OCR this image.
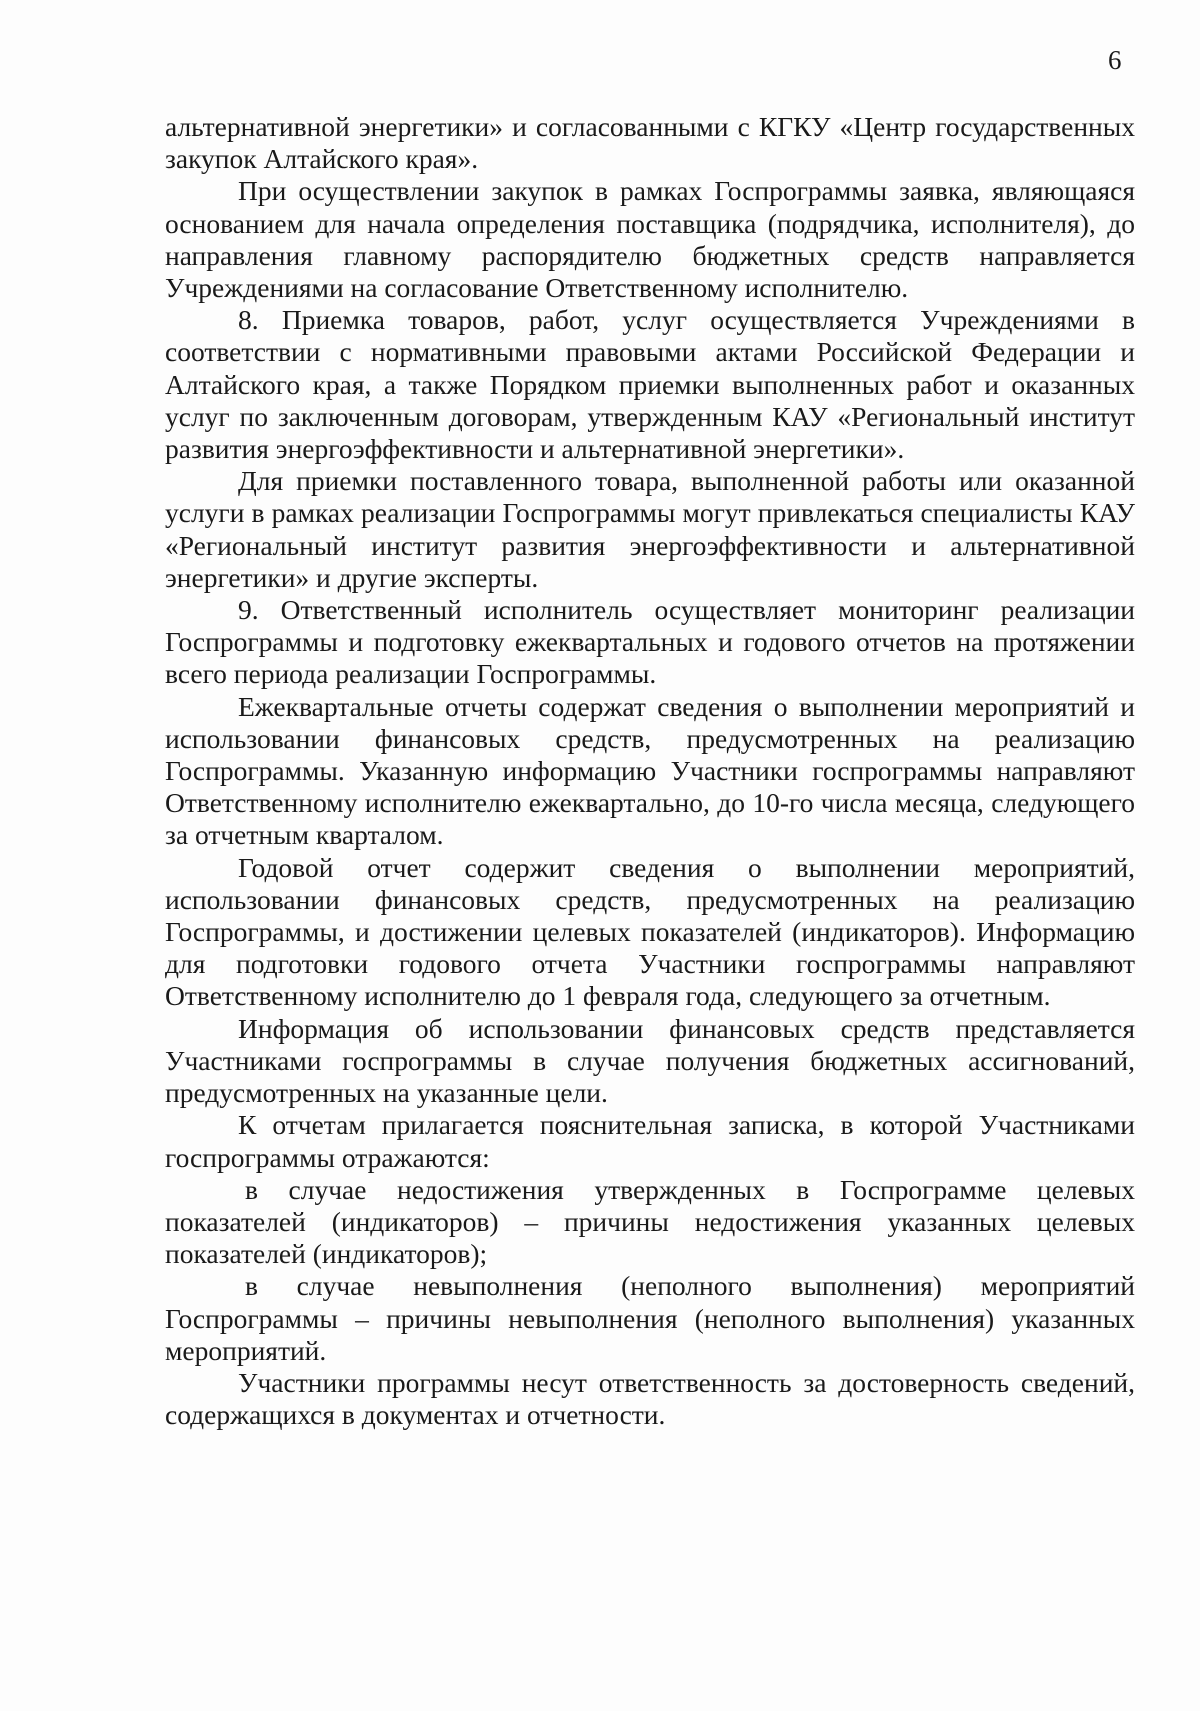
6

альтернативной энергетики» и согласованными с КГКУ «Центр государственных закупок Алтайского края».

При осуществлении закупок в рамках Госпрограммы заявка, являющаяся основанием для начала определения поставщика (подрядчика, исполнителя), до направления главному распорядителю бюджетных средств направляется Учреждениями на согласование Ответственному исполнителю.

8. Приемка товаров, работ, услуг осуществляется Учреждениями в соответствии с нормативными правовыми актами Российской Федерации и Алтайского края, а также Порядком приемки выполненных работ и оказанных услуг по заключенным договорам, утвержденным КАУ «Региональный институт развития энергоэффективности и альтернативной энергетики».

Для приемки поставленного товара, выполненной работы или оказанной услуги в рамках реализации Госпрограммы могут привлекаться специалисты КАУ «Региональный институт развития энергоэффективности и альтернативной энергетики» и другие эксперты.

9. Ответственный исполнитель осуществляет мониторинг реализации Госпрограммы и подготовку ежеквартальных и годового отчетов на протяжении всего периода реализации Госпрограммы.

Ежеквартальные отчеты содержат сведения о выполнении мероприятий и использовании финансовых средств, предусмотренных на реализацию Госпрограммы. Указанную информацию Участники госпрограммы направляют Ответственному исполнителю ежеквартально, до 10-го числа месяца, следующего за отчетным кварталом.

Годовой отчет содержит сведения о выполнении мероприятий, использовании финансовых средств, предусмотренных на реализацию Госпрограммы, и достижении целевых показателей (индикаторов). Информацию для подготовки годового отчета Участники госпрограммы направляют Ответственному исполнителю до 1 февраля года, следующего за отчетным.

Информация об использовании финансовых средств представляется Участниками госпрограммы в случае получения бюджетных ассигнований, предусмотренных на указанные цели.

К отчетам прилагается пояснительная записка, в которой Участниками госпрограммы отражаются:

в случае недостижения утвержденных в Госпрограмме целевых показателей (индикаторов) – причины недостижения указанных целевых показателей (индикаторов);

в случае невыполнения (неполного выполнения) мероприятий Госпрограммы – причины невыполнения (неполного выполнения) указанных мероприятий.

Участники программы несут ответственность за достоверность сведений, содержащихся в документах и отчетности.
